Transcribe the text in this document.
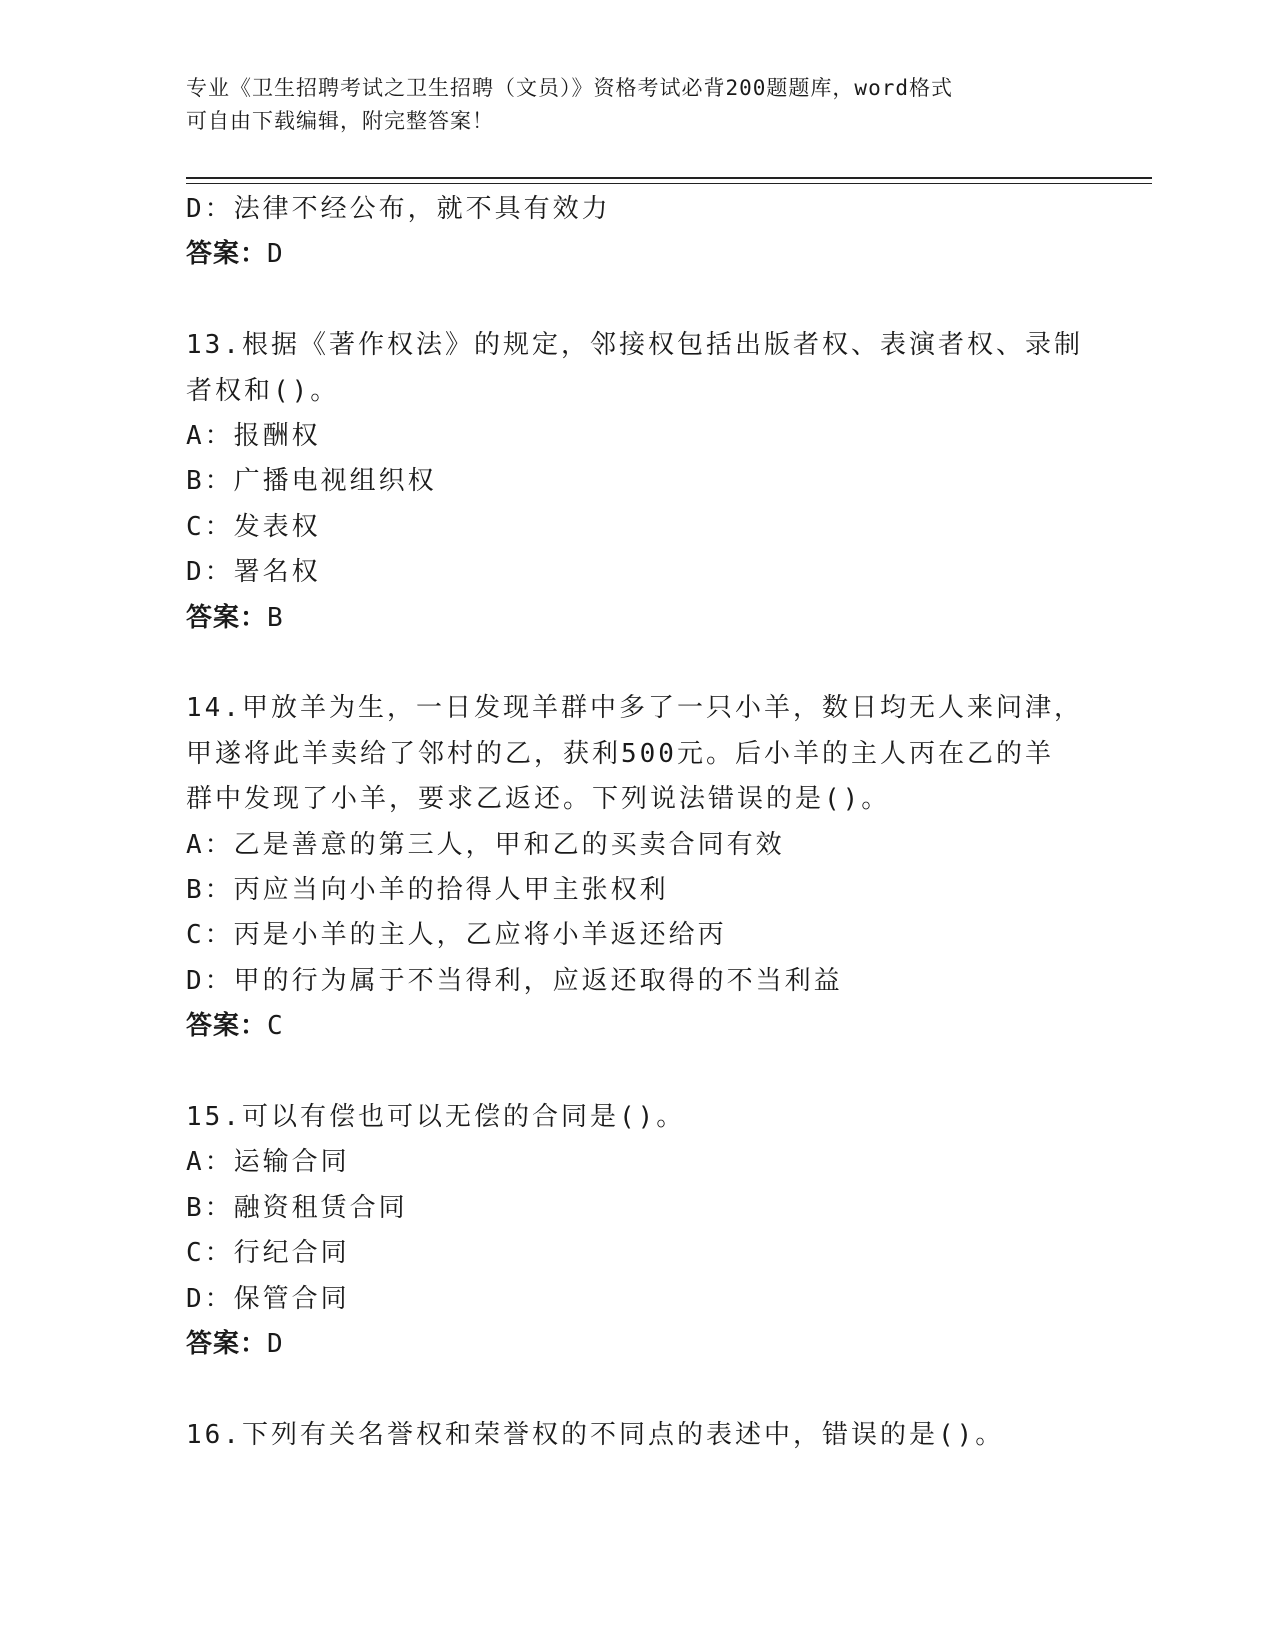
专业《卫生招聘考试之卫生招聘（文员）》资格考试必背200题题库，word格式
可自由下载编辑，附完整答案！
D：法律不经公布，就不具有效力
答案：D
13.根据《著作权法》的规定，邻接权包括出版者权、表演者权、录制
者权和()。
A：报酬权
B：广播电视组织权
C：发表权
D：署名权
答案：B
14.甲放羊为生，一日发现羊群中多了一只小羊，数日均无人来问津，
甲遂将此羊卖给了邻村的乙，获利500元。后小羊的主人丙在乙的羊
群中发现了小羊，要求乙返还。下列说法错误的是()。
A：乙是善意的第三人，甲和乙的买卖合同有效
B：丙应当向小羊的拾得人甲主张权利
C：丙是小羊的主人，乙应将小羊返还给丙
D：甲的行为属于不当得利，应返还取得的不当利益
答案：C
15.可以有偿也可以无偿的合同是()。
A：运输合同
B：融资租赁合同
C：行纪合同
D：保管合同
答案：D
16.下列有关名誉权和荣誉权的不同点的表述中，错误的是()。
